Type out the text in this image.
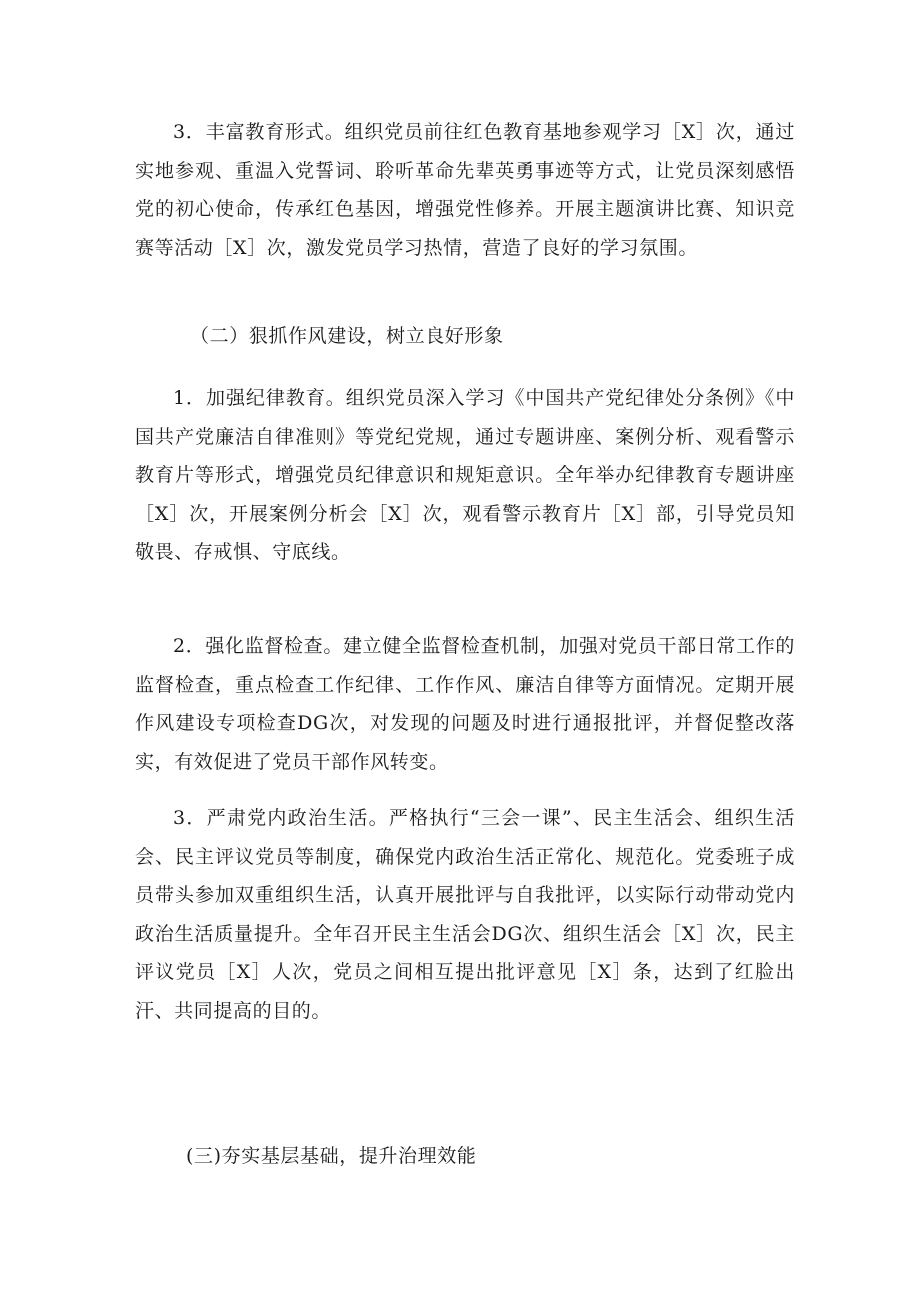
3．丰富教育形式。组织党员前往红色教育基地参观学习［X］次，通过实地参观、重温入党誓词、聆听革命先辈英勇事迹等方式，让党员深刻感悟党的初心使命，传承红色基因，增强党性修养。开展主题演讲比赛、知识竞赛等活动［X］次，激发党员学习热情，营造了良好的学习氛围。

（二）狠抓作风建设，树立良好形象

1．加强纪律教育。组织党员深入学习《中国共产党纪律处分条例》《中国共产党廉洁自律准则》等党纪党规，通过专题讲座、案例分析、观看警示教育片等形式，增强党员纪律意识和规矩意识。全年举办纪律教育专题讲座［X］次，开展案例分析会［X］次，观看警示教育片［X］部，引导党员知敬畏、存戒惧、守底线。

2．强化监督检查。建立健全监督检查机制，加强对党员干部日常工作的监督检查，重点检查工作纪律、工作作风、廉洁自律等方面情况。定期开展作风建设专项检查DG次，对发现的问题及时进行通报批评，并督促整改落实，有效促进了党员干部作风转变。

3．严肃党内政治生活。严格执行“三会一课”、民主生活会、组织生活会、民主评议党员等制度，确保党内政治生活正常化、规范化。党委班子成员带头参加双重组织生活，认真开展批评与自我批评，以实际行动带动党内政治生活质量提升。全年召开民主生活会DG次、组织生活会［X］次，民主评议党员［X］人次，党员之间相互提出批评意见［X］条，达到了红脸出汗、共同提高的目的。

(三)夯实基层基础，提升治理效能
